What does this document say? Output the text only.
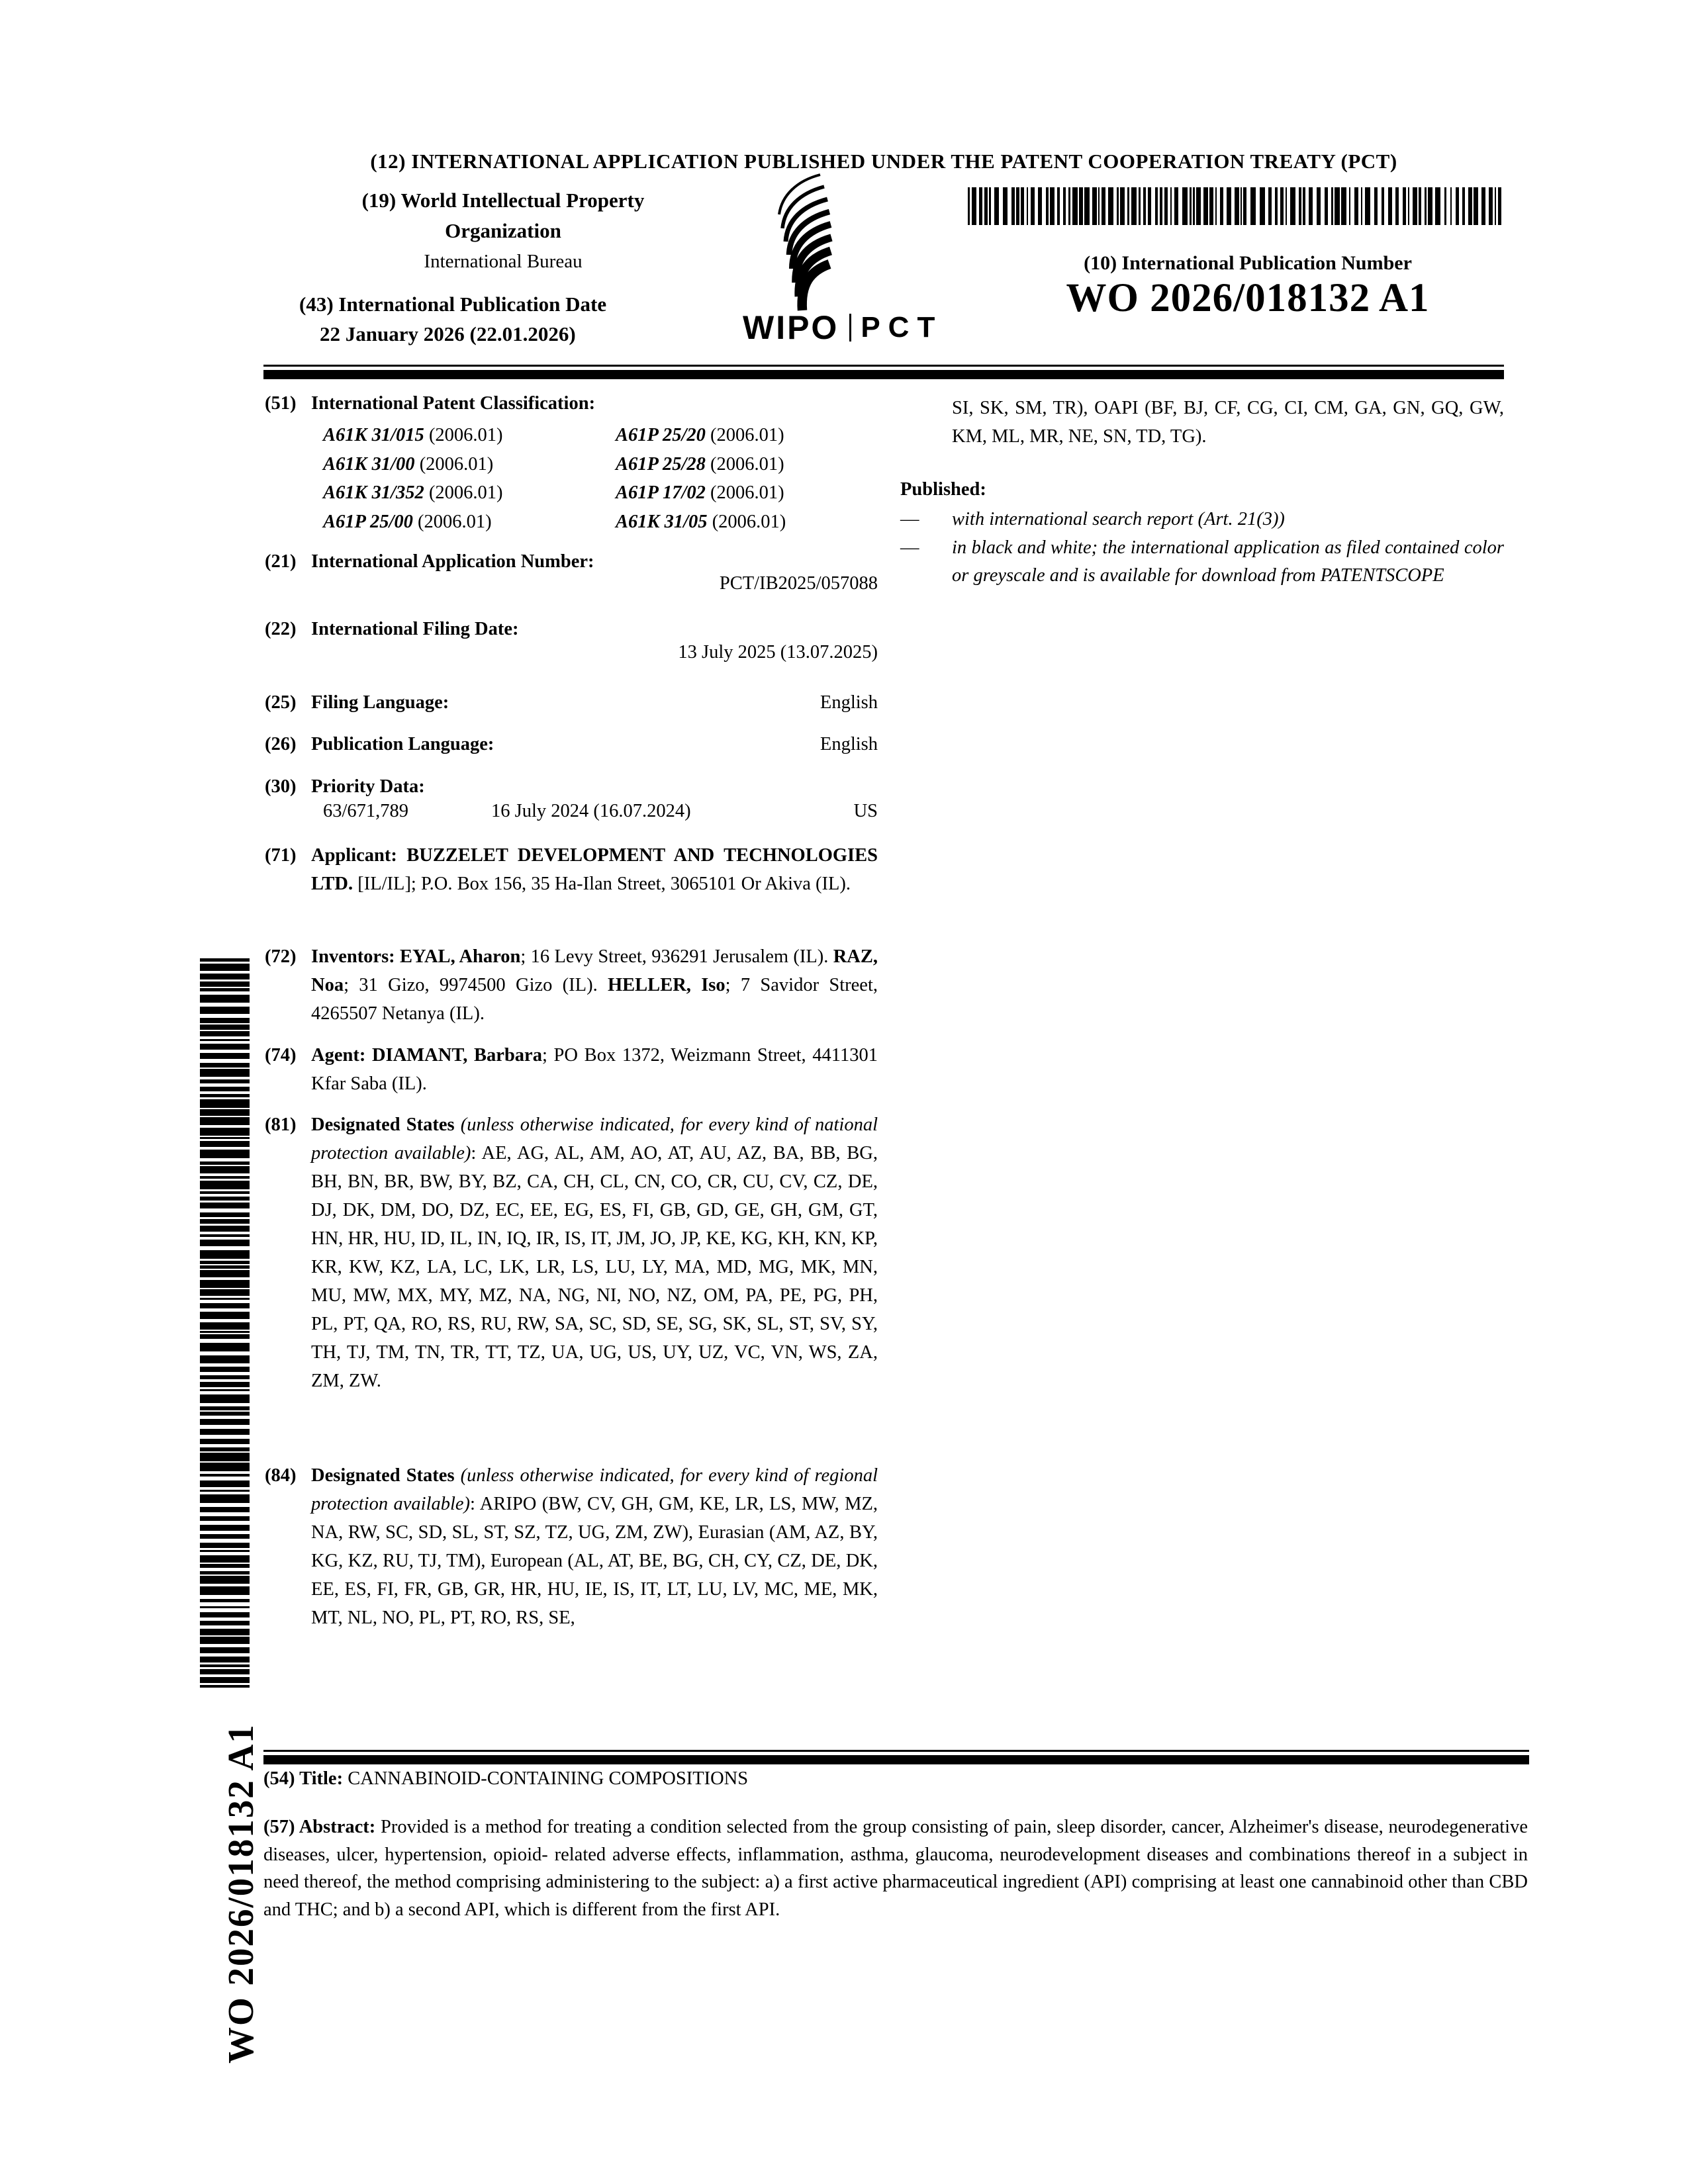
(12) INTERNATIONAL APPLICATION PUBLISHED UNDER THE PATENT COOPERATION TREATY (PCT)
(19) World Intellectual Property
Organization
International Bureau
(43) International Publication Date
22 January 2026 (22.01.2026)	WIPO PCT
(10) International Publication Number
WO 2026/018132 A1
(51) International Patent Classification:
A61K 31/015 (2006.01)	A61P 25/20 (2006.01)
A61K 31/00 (2006.01)	A61P 25/28 (2006.01)
A61K 31/352 (2006.01)	A61P 17/02 (2006.01)
A61P 25/00 (2006.01)	A61K 31/05 (2006.01)
(21) International Application Number:
PCT/IB2025/057088
(22) International Filing Date:
13 July 2025 (13.07.2025)
(25) Filing Language:	English
(26) Publication Language:	English
(30) Priority Data:
63/671,789	16 July 2024 (16.07.2024)	US
(71) Applicant: BUZZELET DEVELOPMENT AND TECHNOLOGIES LTD. [IL/IL]; P.O. Box 156, 35 Ha-Ilan Street, 3065101 Or Akiva (IL).
(72) Inventors: EYAL, Aharon; 16 Levy Street, 936291 Jerusalem (IL). RAZ, Noa; 31 Gizo, 9974500 Gizo (IL). HELLER, Iso; 7 Savidor Street, 4265507 Netanya (IL).
(74) Agent: DIAMANT, Barbara; PO Box 1372, Weizmann Street, 4411301 Kfar Saba (IL).
(81) Designated States (unless otherwise indicated, for every kind of national protection available): AE, AG, AL, AM, AO, AT, AU, AZ, BA, BB, BG, BH, BN, BR, BW, BY, BZ, CA, CH, CL, CN, CO, CR, CU, CV, CZ, DE, DJ, DK, DM, DO, DZ, EC, EE, EG, ES, FI, GB, GD, GE, GH, GM, GT, HN, HR, HU, ID, IL, IN, IQ, IR, IS, IT, JM, JO, JP, KE, KG, KH, KN, KP, KR, KW, KZ, LA, LC, LK, LR, LS, LU, LY, MA, MD, MG, MK, MN, MU, MW, MX, MY, MZ, NA, NG, NI, NO, NZ, OM, PA, PE, PG, PH, PL, PT, QA, RO, RS, RU, RW, SA, SC, SD, SE, SG, SK, SL, ST, SV, SY, TH, TJ, TM, TN, TR, TT, TZ, UA, UG, US, UY, UZ, VC, VN, WS, ZA, ZM, ZW.
(84) Designated States (unless otherwise indicated, for every kind of regional protection available): ARIPO (BW, CV, GH, GM, KE, LR, LS, MW, MZ, NA, RW, SC, SD, SL, ST, SZ, TZ, UG, ZM, ZW), Eurasian (AM, AZ, BY, KG, KZ, RU, TJ, TM), European (AL, AT, BE, BG, CH, CY, CZ, DE, DK, EE, ES, FI, FR, GB, GR, HR, HU, IE, IS, IT, LT, LU, LV, MC, ME, MK, MT, NL, NO, PL, PT, RO, RS, SE,
SI, SK, SM, TR), OAPI (BF, BJ, CF, CG, CI, CM, GA, GN, GQ, GW, KM, ML, MR, NE, SN, TD, TG).
Published:
—	with international search report (Art. 21(3))
—	in black and white; the international application as filed contained color or greyscale and is available for download from PATENTSCOPE
WO 2026/018132 A1 (54) Title: CANNABINOID-CONTAINING COMPOSITIONS
(57) Abstract: Provided is a method for treating a condition selected from the group consisting of pain, sleep disorder, cancer, Alzheimer's disease, neurodegenerative diseases, ulcer, hypertension, opioid- related adverse effects, inflammation, asthma, glaucoma, neurodevelopment diseases and combinations thereof in a subject in need thereof, the method comprising administering to the subject: a) a first active pharmaceutical ingredient (API) comprising at least one cannabinoid other than CBD and THC; and b) a second API, which is different from the first API.
